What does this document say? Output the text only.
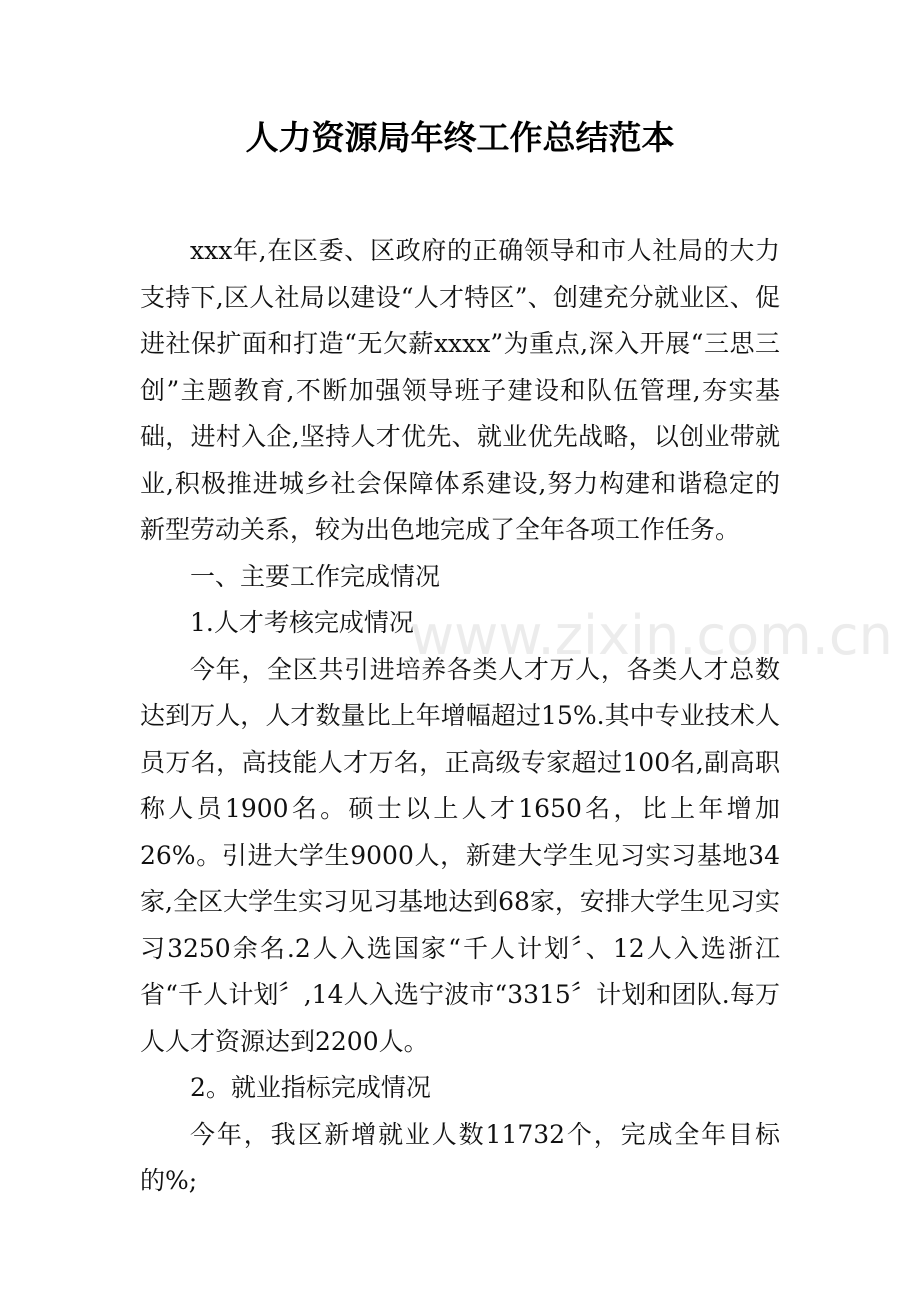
人力资源局年终工作总结范本

xxx年,在区委、区政府的正确领导和市人社局的大力支持下,区人社局以建设“人才特区”、创建充分就业区、促进社保扩面和打造“无欠薪xxxx”为重点,深入开展“三思三创”主题教育,不断加强领导班子建设和队伍管理,夯实基础，进村入企,坚持人才优先、就业优先战略，以创业带就业,积极推进城乡社会保障体系建设,努力构建和谐稳定的新型劳动关系，较为出色地完成了全年各项工作任务。

一、主要工作完成情况

1.人才考核完成情况

今年，全区共引进培养各类人才万人，各类人才总数达到万人，人才数量比上年增幅超过15%.其中专业技术人员万名，高技能人才万名，正高级专家超过100名,副高职称人员1900名。硕士以上人才1650名，比上年增加26%。引进大学生9000人，新建大学生见习实习基地34家,全区大学生实习见习基地达到68家，安排大学生见习实习3250余名.2人入选国家“千人计划〞、12人入选浙江省“千人计划〞,14人入选宁波市“3315〞计划和团队.每万人人才资源达到2200人。

2。就业指标完成情况

今年，我区新增就业人数11732个，完成全年目标的%;

www.zixin.com.cn
